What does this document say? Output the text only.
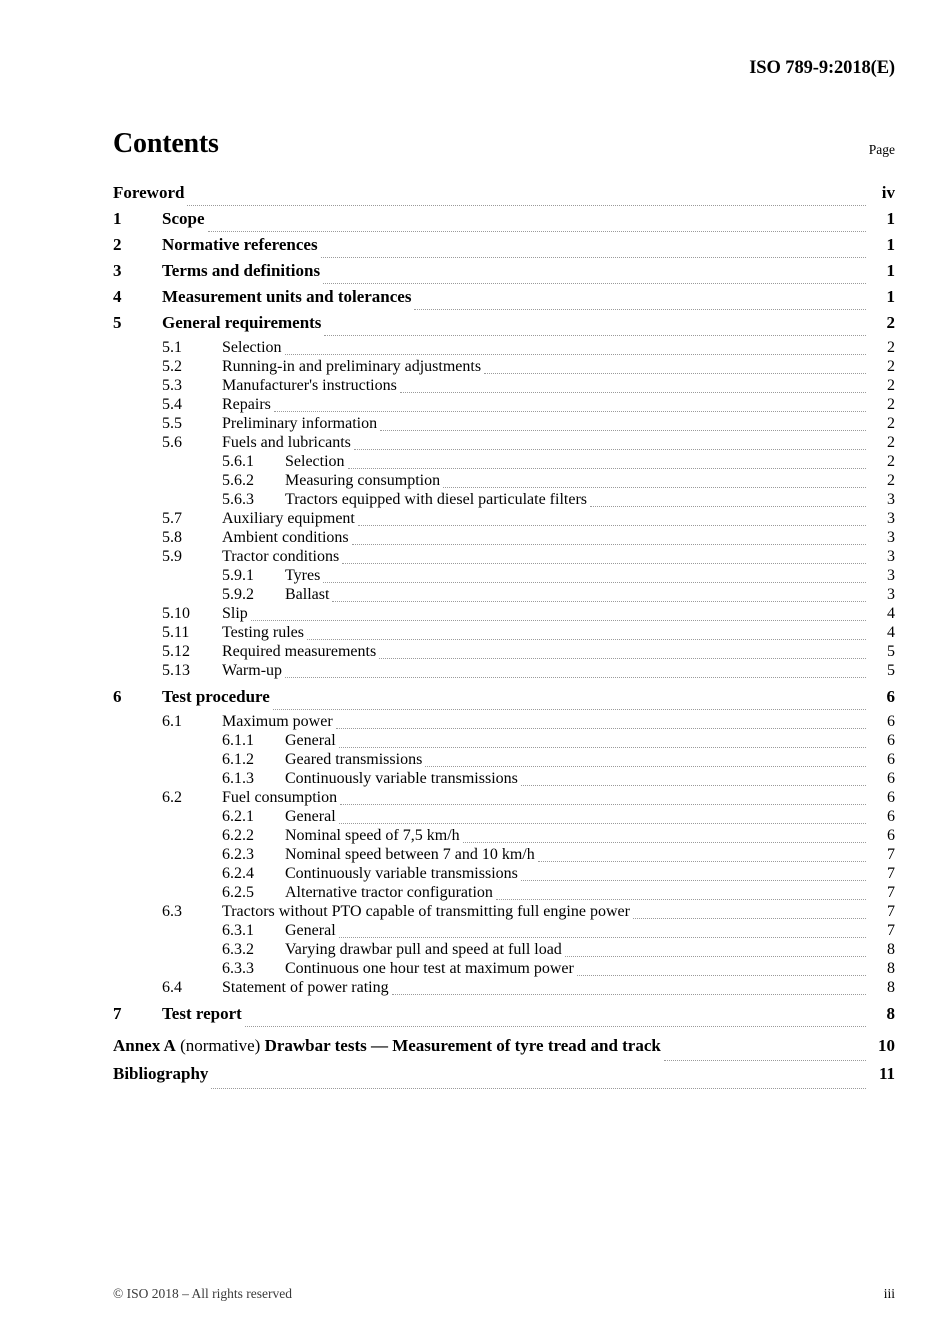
ISO 789-9:2018(E)
Contents	Page
Foreword	iv
1	Scope	1
2	Normative references	1
3	Terms and definitions	1
4	Measurement units and tolerances	1
5	General requirements	2
5.1	Selection	2
5.2	Running-in and preliminary adjustments	2
5.3	Manufacturer's instructions	2
5.4	Repairs	2
5.5	Preliminary information	2
5.6	Fuels and lubricants	2
5.6.1	Selection	2
5.6.2	Measuring consumption	2
5.6.3	Tractors equipped with diesel particulate filters	3
5.7	Auxiliary equipment	3
5.8	Ambient conditions	3
5.9	Tractor conditions	3
5.9.1	Tyres	3
5.9.2	Ballast	3
5.10	Slip	4
5.11	Testing rules	4
5.12	Required measurements	5
5.13	Warm-up	5
6	Test procedure	6
6.1	Maximum power	6
6.1.1	General	6
6.1.2	Geared transmissions	6
6.1.3	Continuously variable transmissions	6
6.2	Fuel consumption	6
6.2.1	General	6
6.2.2	Nominal speed of 7,5 km/h	6
6.2.3	Nominal speed between 7 and 10 km/h	7
6.2.4	Continuously variable transmissions	7
6.2.5	Alternative tractor configuration	7
6.3	Tractors without PTO capable of transmitting full engine power	7
6.3.1	General	7
6.3.2	Varying drawbar pull and speed at full load	8
6.3.3	Continuous one hour test at maximum power	8
6.4	Statement of power rating	8
7	Test report	8
Annex A (normative) Drawbar tests — Measurement of tyre tread and track	10
Bibliography	11
© ISO 2018 – All rights reserved	iii
